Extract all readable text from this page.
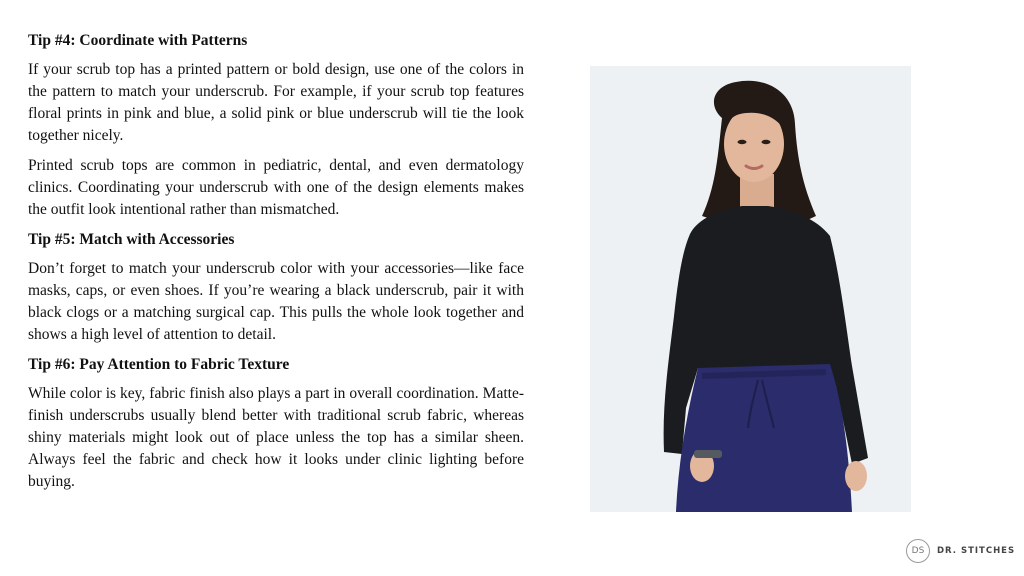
Tip #4: Coordinate with Patterns

If your scrub top has a printed pattern or bold design, use one of the colors in the pattern to match your underscrub. For example, if your scrub top features floral prints in pink and blue, a solid pink or blue underscrub will tie the look together nicely.

Printed scrub tops are common in pediatric, dental, and even dermatology clinics. Coordinating your underscrub with one of the design elements makes the outfit look intentional rather than mismatched.

Tip #5: Match with Accessories

Don’t forget to match your underscrub color with your accessories—like face masks, caps, or even shoes. If you’re wearing a black underscrub, pair it with black clogs or a matching surgical cap. This pulls the whole look together and shows a high level of attention to detail.

Tip #6: Pay Attention to Fabric Texture

While color is key, fabric finish also plays a part in overall coordination. Matte-finish underscrubs usually blend better with traditional scrub fabric, whereas shiny materials might look out of place unless the top has a similar sheen. Always feel the fabric and check how it looks under clinic lighting before buying.

DS	DR. STITCHES
